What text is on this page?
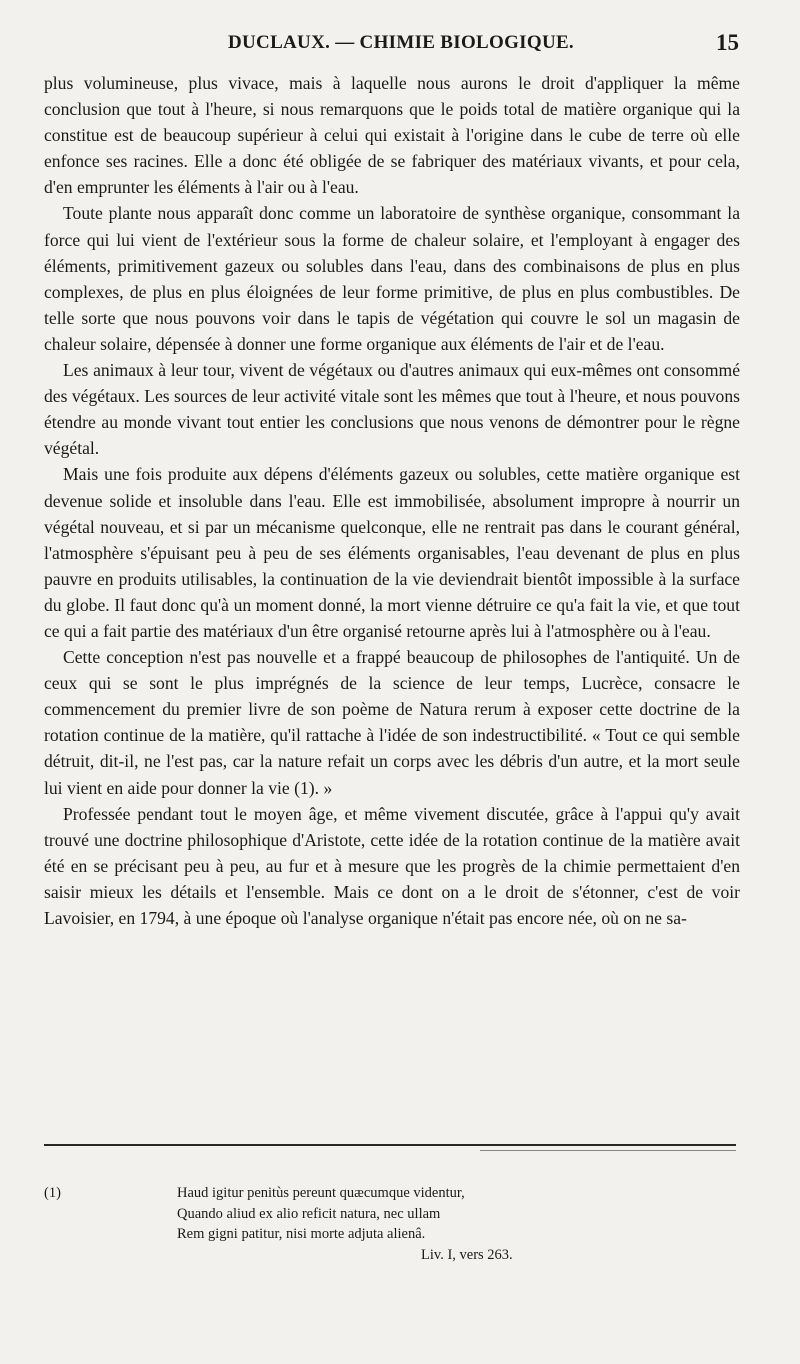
DUCLAUX. — CHIMIE BIOLOGIQUE.	15

plus volumineuse, plus vivace, mais à laquelle nous aurons le droit d'appliquer la même conclusion que tout à l'heure, si nous remarquons que le poids total de matière organique qui la constitue est de beaucoup supérieur à celui qui existait à l'origine dans le cube de terre où elle enfonce ses racines. Elle a donc été obligée de se fabriquer des matériaux vivants, et pour cela, d'en emprunter les éléments à l'air ou à l'eau.

Toute plante nous apparaît donc comme un laboratoire de synthèse organique, consommant la force qui lui vient de l'extérieur sous la forme de chaleur solaire, et l'employant à engager des éléments, primitivement gazeux ou solubles dans l'eau, dans des combinaisons de plus en plus complexes, de plus en plus éloignées de leur forme primitive, de plus en plus combustibles. De telle sorte que nous pouvons voir dans le tapis de végétation qui couvre le sol un magasin de chaleur solaire, dépensée à donner une forme organique aux éléments de l'air et de l'eau.

Les animaux à leur tour, vivent de végétaux ou d'autres animaux qui eux-mêmes ont consommé des végétaux. Les sources de leur activité vitale sont les mêmes que tout à l'heure, et nous pouvons étendre au monde vivant tout entier les conclusions que nous venons de démontrer pour le règne végétal.

Mais une fois produite aux dépens d'éléments gazeux ou solubles, cette matière organique est devenue solide et insoluble dans l'eau. Elle est immobilisée, absolument impropre à nourrir un végétal nouveau, et si par un mécanisme quelconque, elle ne rentrait pas dans le courant général, l'atmosphère s'épuisant peu à peu de ses éléments organisables, l'eau devenant de plus en plus pauvre en produits utilisables, la continuation de la vie deviendrait bientôt impossible à la surface du globe. Il faut donc qu'à un moment donné, la mort vienne détruire ce qu'a fait la vie, et que tout ce qui a fait partie des matériaux d'un être organisé retourne après lui à l'atmosphère ou à l'eau.

Cette conception n'est pas nouvelle et a frappé beaucoup de philosophes de l'antiquité. Un de ceux qui se sont le plus imprégnés de la science de leur temps, Lucrèce, consacre le commencement du premier livre de son poème de Natura rerum à exposer cette doctrine de la rotation continue de la matière, qu'il rattache à l'idée de son indestructibilité. « Tout ce qui semble détruit, dit-il, ne l'est pas, car la nature refait un corps avec les débris d'un autre, et la mort seule lui vient en aide pour donner la vie (1). »

Professée pendant tout le moyen âge, et même vivement discutée, grâce à l'appui qu'y avait trouvé une doctrine philosophique d'Aristote, cette idée de la rotation continue de la matière avait été en se précisant peu à peu, au fur et à mesure que les progrès de la chimie permettaient d'en saisir mieux les détails et l'ensemble. Mais ce dont on a le droit de s'étonner, c'est de voir Lavoisier, en 1794, à une époque où l'analyse organique n'était pas encore née, où on ne sa-

(1)	Haud igitur penitùs pereunt quæcumque videntur,
Quando aliud ex alio reficit natura, nec ullam
Rem gigni patitur, nisi morte adjuta alienâ.
Liv. I, vers 263.
